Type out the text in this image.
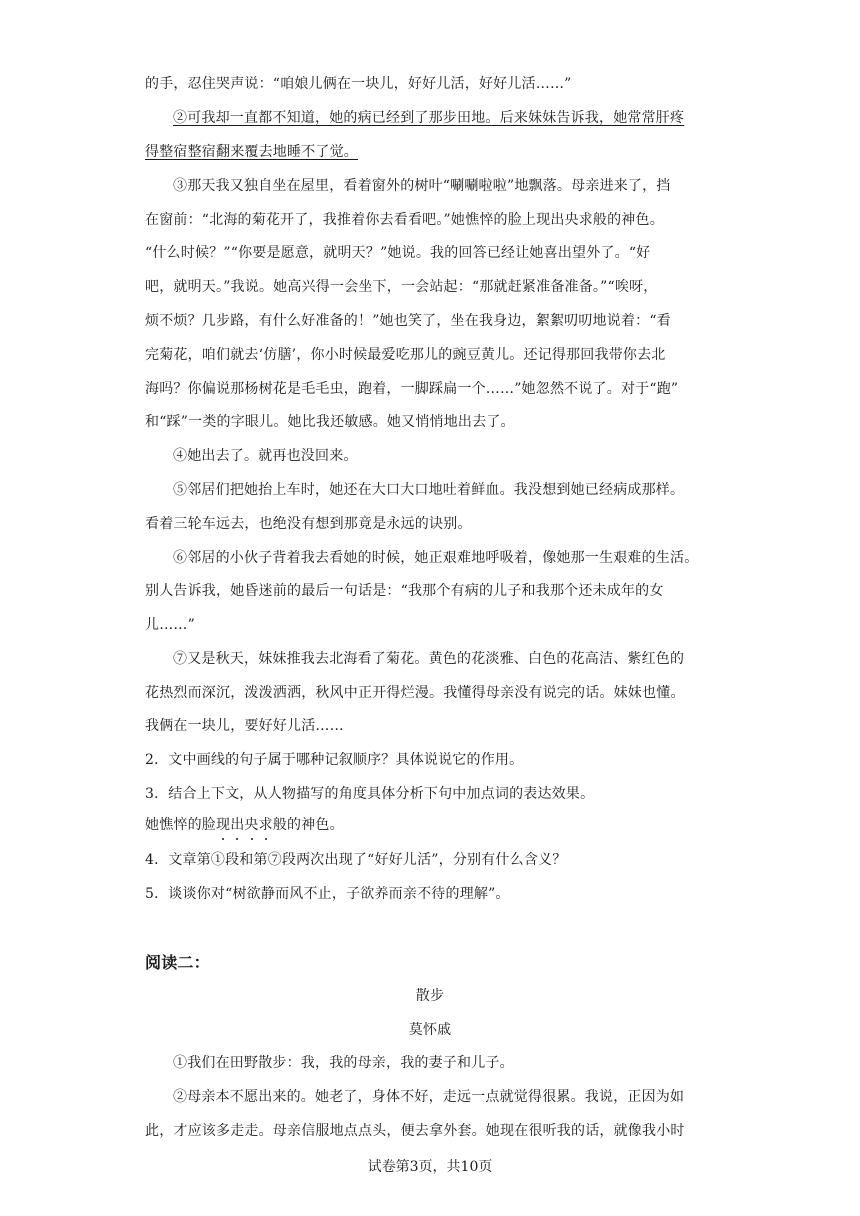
的手，忍住哭声说：“咱娘儿俩在一块儿，好好儿活，好好儿活……”
②可我却一直都不知道，她的病已经到了那步田地。后来妹妹告诉我，她常常肝疼
得整宿整宿翻来覆去地睡不了觉。
③那天我又独自坐在屋里，看着窗外的树叶“唰唰啦啦”地飘落。母亲进来了，挡
在窗前：“北海的菊花开了，我推着你去看看吧。”她憔悴的脸上现出央求般的神色。
“什么时候？”“你要是愿意，就明天？”她说。我的回答已经让她喜出望外了。“好
吧，就明天。”我说。她高兴得一会坐下，一会站起：“那就赶紧准备准备。”“唉呀，
烦不烦？几步路，有什么好准备的！”她也笑了，坐在我身边，絮絮叨叨地说着：“看
完菊花，咱们就去‘仿膳’，你小时候最爱吃那儿的豌豆黄儿。还记得那回我带你去北
海吗？你偏说那杨树花是毛毛虫，跑着，一脚踩扁一个……”她忽然不说了。对于“跑”
和“踩”一类的字眼儿。她比我还敏感。她又悄悄地出去了。
④她出去了。就再也没回来。
⑤邻居们把她抬上车时，她还在大口大口地吐着鲜血。我没想到她已经病成那样。
看着三轮车远去，也绝没有想到那竟是永远的诀别。
⑥邻居的小伙子背着我去看她的时候，她正艰难地呼吸着，像她那一生艰难的生活。
别人告诉我，她昏迷前的最后一句话是：“我那个有病的儿子和我那个还未成年的女
儿……”
⑦又是秋天，妹妹推我去北海看了菊花。黄色的花淡雅、白色的花高洁、紫红色的
花热烈而深沉，泼泼洒洒，秋风中正开得烂漫。我懂得母亲没有说完的话。妹妹也懂。
我俩在一块儿，要好好儿活……
2．文中画线的句子属于哪种记叙顺序？具体说说它的作用。
3．结合上下文，从人物描写的角度具体分析下句中加点词的表达效果。
她憔悴的脸现出央求般的神色。
4．文章第①段和第⑦段两次出现了“好好儿活”，分别有什么含义？
5．谈谈你对“树欲静而风不止，子欲养而亲不待的理解”。
阅读二：
散步
莫怀戚
①我们在田野散步：我，我的母亲，我的妻子和儿子。
②母亲本不愿出来的。她老了，身体不好，走远一点就觉得很累。我说，正因为如
此，才应该多走走。母亲信服地点点头，便去拿外套。她现在很听我的话，就像我小时
试卷第3页，共10页
